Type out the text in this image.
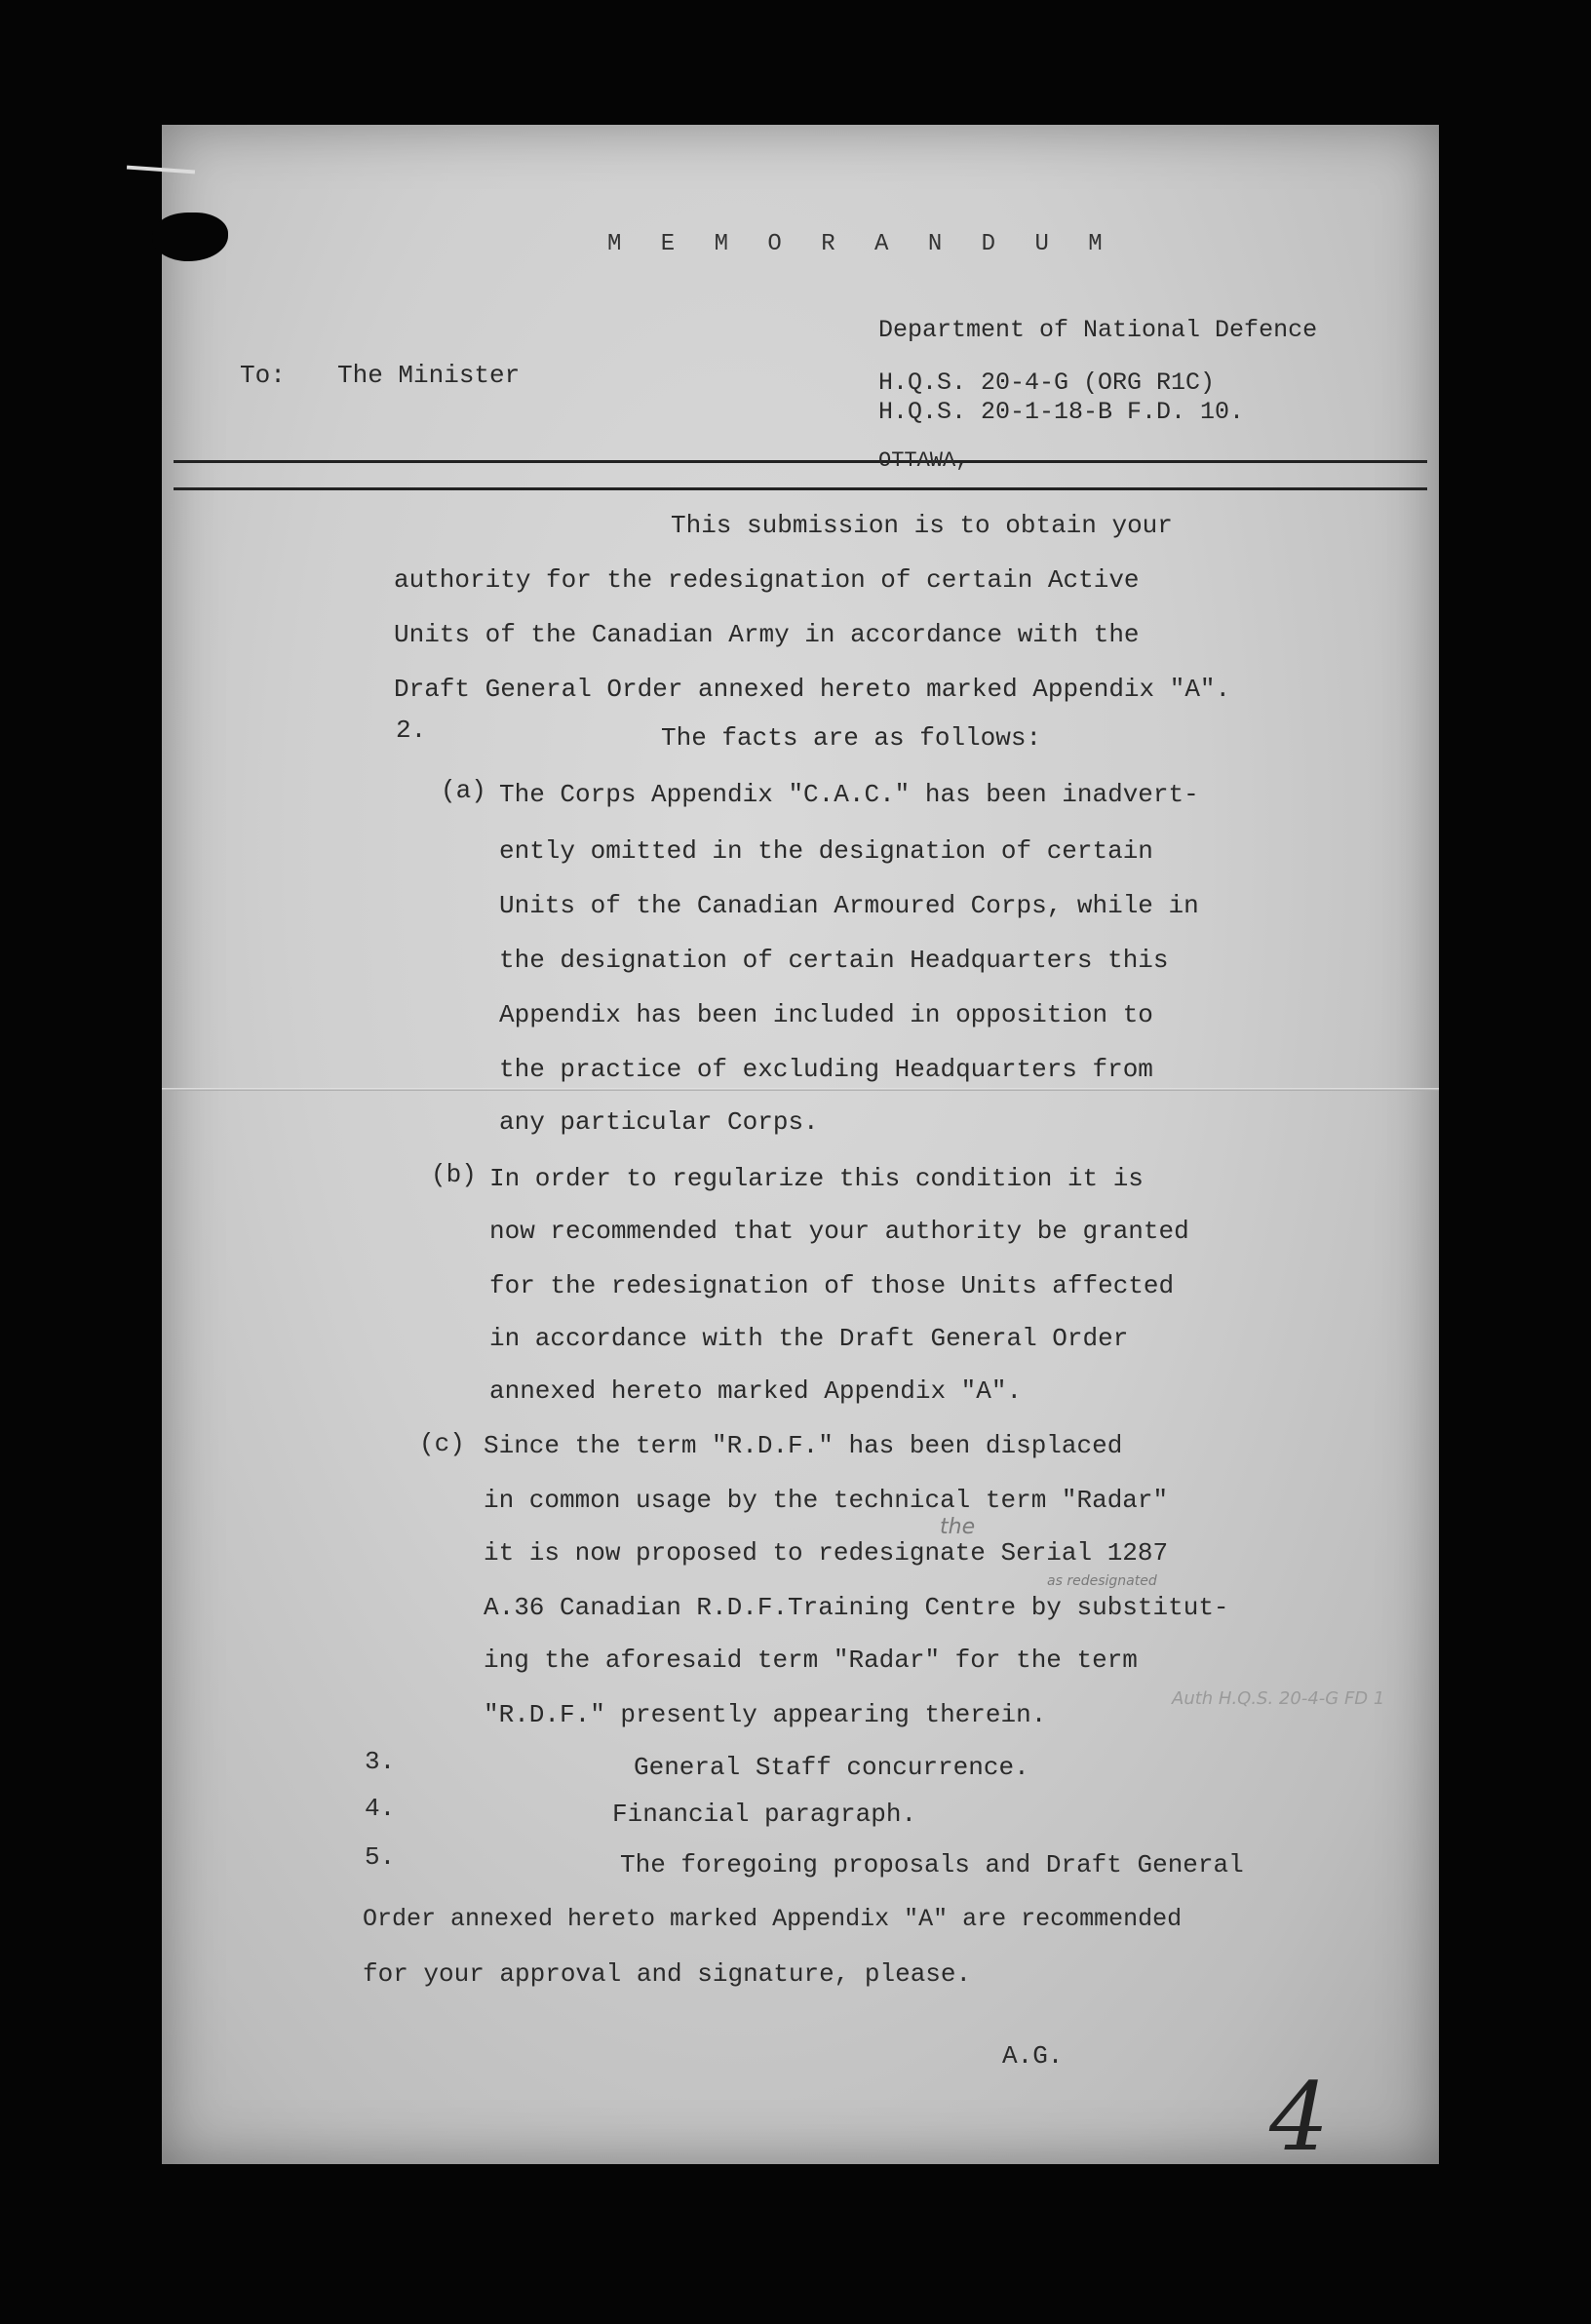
M E M O R A N D U M
Department of National Defence
To: The Minister	H.Q.S. 20-4-G (ORG R1C)
H.Q.S. 20-1-18-B F.D. 10.
OTTAWA,
This submission is to obtain your
authority for the redesignation of certain Active
Units of the Canadian Army in accordance with the
Draft General Order annexed hereto marked Appendix "A".
2.	The facts are as follows:
(a) The Corps Appendix "C.A.C." has been inadvert-
ently omitted in the designation of certain
Units of the Canadian Armoured Corps, while in
the designation of certain Headquarters this
Appendix has been included in opposition to
the practice of excluding Headquarters from
any particular Corps.
(b) In order to regularize this condition it is
now recommended that your authority be granted
for the redesignation of those Units affected
in accordance with the Draft General Order
annexed hereto marked Appendix "A".
(c) Since the term "R.D.F." has been displaced
in common usage by the technical term "Radar"
it is now proposed to redesignate Serial 1287
A.36 Canadian R.D.F.Training Centre by substitut-
ing the aforesaid term "Radar" for the term
"R.D.F." presently appearing therein.
the
as redesignated
Auth H.Q.S. 20-4-G FD 1
3.	General Staff concurrence.
4.	Financial paragraph.
5.	The foregoing proposals and Draft General
Order annexed hereto marked Appendix "A" are recommended
for your approval and signature, please.
A.G.
4
